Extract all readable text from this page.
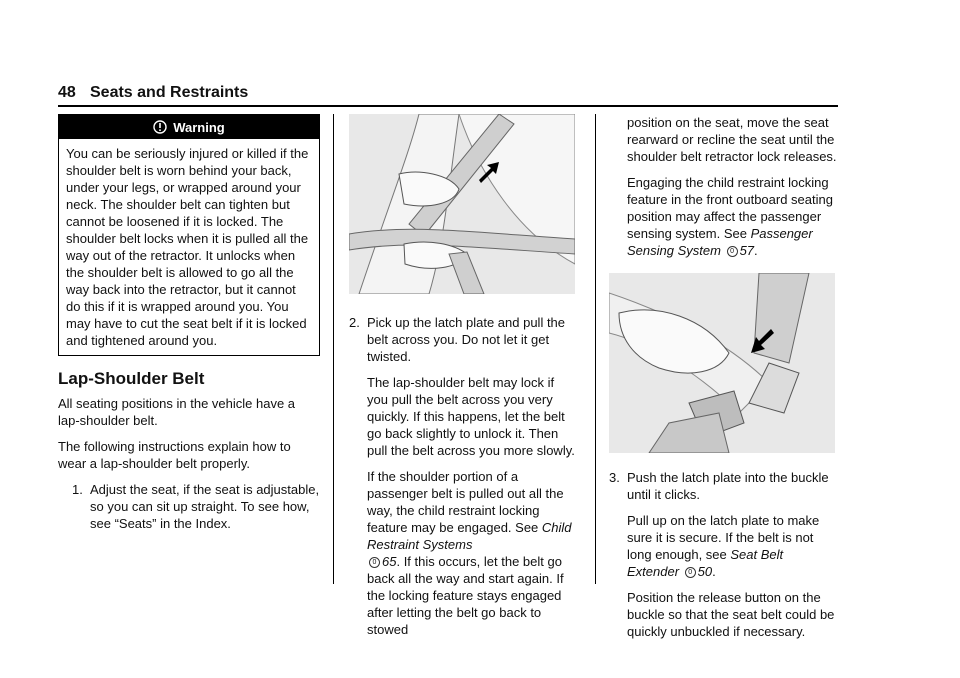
48 Seats and Restraints
Warning
You can be seriously injured or killed if the shoulder belt is worn behind your back, under your legs, or wrapped around your neck. The shoulder belt can tighten but cannot be loosened if it is locked. The shoulder belt locks when it is pulled all the way out of the retractor. It unlocks when the shoulder belt is allowed to go all the way back into the retractor, but it cannot do this if it is wrapped around you. You may have to cut the seat belt if it is locked and tightened around you.
Lap-Shoulder Belt

All seating positions in the vehicle have a lap-shoulder belt.

The following instructions explain how to wear a lap-shoulder belt properly.

1. Adjust the seat, if the seat is adjustable, so you can sit up straight. To see how, see “Seats” in the Index.
2. Pick up the latch plate and pull the belt across you. Do not let it get twisted.

The lap-shoulder belt may lock if you pull the belt across you very quickly. If this happens, let the belt go back slightly to unlock it. Then pull the belt across you more slowly.

If the shoulder portion of a passenger belt is pulled out all the way, the child restraint locking feature may be engaged. See Child Restraint Systems
0 65. If this occurs, let the belt go back all the way and start again. If the locking feature stays engaged after letting the belt go back to stowed

position on the seat, move the seat rearward or recline the seat until the shoulder belt retractor lock releases.

Engaging the child restraint locking feature in the front outboard seating position may affect the passenger sensing system. See Passenger Sensing System 0 57.

3. Push the latch plate into the buckle until it clicks.

Pull up on the latch plate to make sure it is secure. If the belt is not long enough, see Seat Belt Extender 0 50.

Position the release button on the buckle so that the seat belt could be quickly unbuckled if necessary.
